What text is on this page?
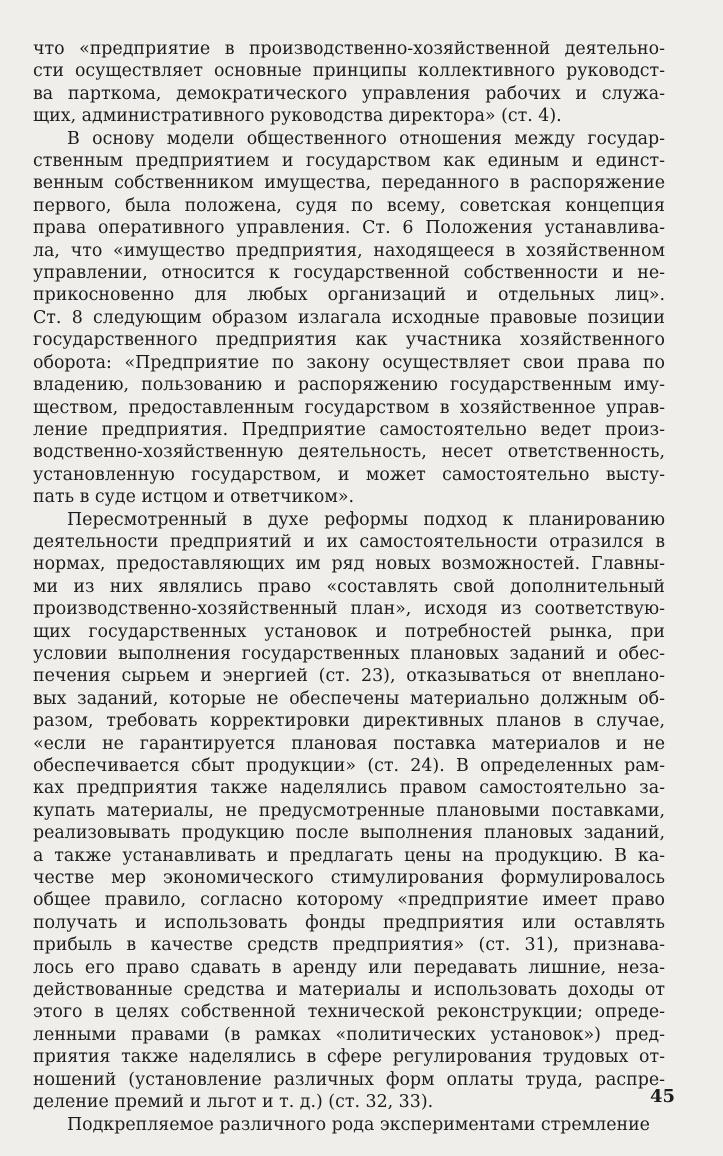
что «предприятие в производственно-хозяйственной деятельно-
сти осуществляет основные принципы коллективного руководст-
ва парткома, демократического управления рабочих и служа-
щих, административного руководства директора» (ст. 4).

В основу модели общественного отношения между государ-
ственным предприятием и государством как единым и единст-
венным собственником имущества, переданного в распоряжение
первого, была положена, судя по всему, советская концепция
права оперативного управления. Ст. 6 Положения устанавлива-
ла, что «имущество предприятия, находящееся в хозяйственном
управлении, относится к государственной собственности и не-
прикосновенно для любых организаций и отдельных лиц».
Ст. 8 следующим образом излагала исходные правовые позиции
государственного предприятия как участника хозяйственного
оборота: «Предприятие по закону осуществляет свои права по
владению, пользованию и распоряжению государственным иму-
ществом, предоставленным государством в хозяйственное управ-
ление предприятия. Предприятие самостоятельно ведет произ-
водственно-хозяйственную деятельность, несет ответственность,
установленную государством, и может самостоятельно высту-
пать в суде истцом и ответчиком».

Пересмотренный в духе реформы подход к планированию
деятельности предприятий и их самостоятельности отразился в
нормах, предоставляющих им ряд новых возможностей. Главны-
ми из них являлись право «составлять свой дополнительный
производственно-хозяйственный план», исходя из соответствую-
щих государственных установок и потребностей рынка, при
условии выполнения государственных плановых заданий и обес-
печения сырьем и энергией (ст. 23), отказываться от внеплано-
вых заданий, которые не обеспечены материально должным об-
разом, требовать корректировки директивных планов в случае,
«если не гарантируется плановая поставка материалов и не
обеспечивается сбыт продукции» (ст. 24). В определенных рам-
ках предприятия также наделялись правом самостоятельно за-
купать материалы, не предусмотренные плановыми поставками,
реализовывать продукцию после выполнения плановых заданий,
а также устанавливать и предлагать цены на продукцию. В ка-
честве мер экономического стимулирования формулировалось
общее правило, согласно которому «предприятие имеет право
получать и использовать фонды предприятия или оставлять
прибыль в качестве средств предприятия» (ст. 31), признава-
лось его право сдавать в аренду или передавать лишние, неза-
действованные средства и материалы и использовать доходы от
этого в целях собственной технической реконструкции; опреде-
ленными правами (в рамках «политических установок») пред-
приятия также наделялись в сфере регулирования трудовых от-
ношений (установление различных форм оплаты труда, распре-
деление премий и льгот и т. д.) (ст. 32, 33).

Подкрепляемое различного рода экспериментами стремление

45
